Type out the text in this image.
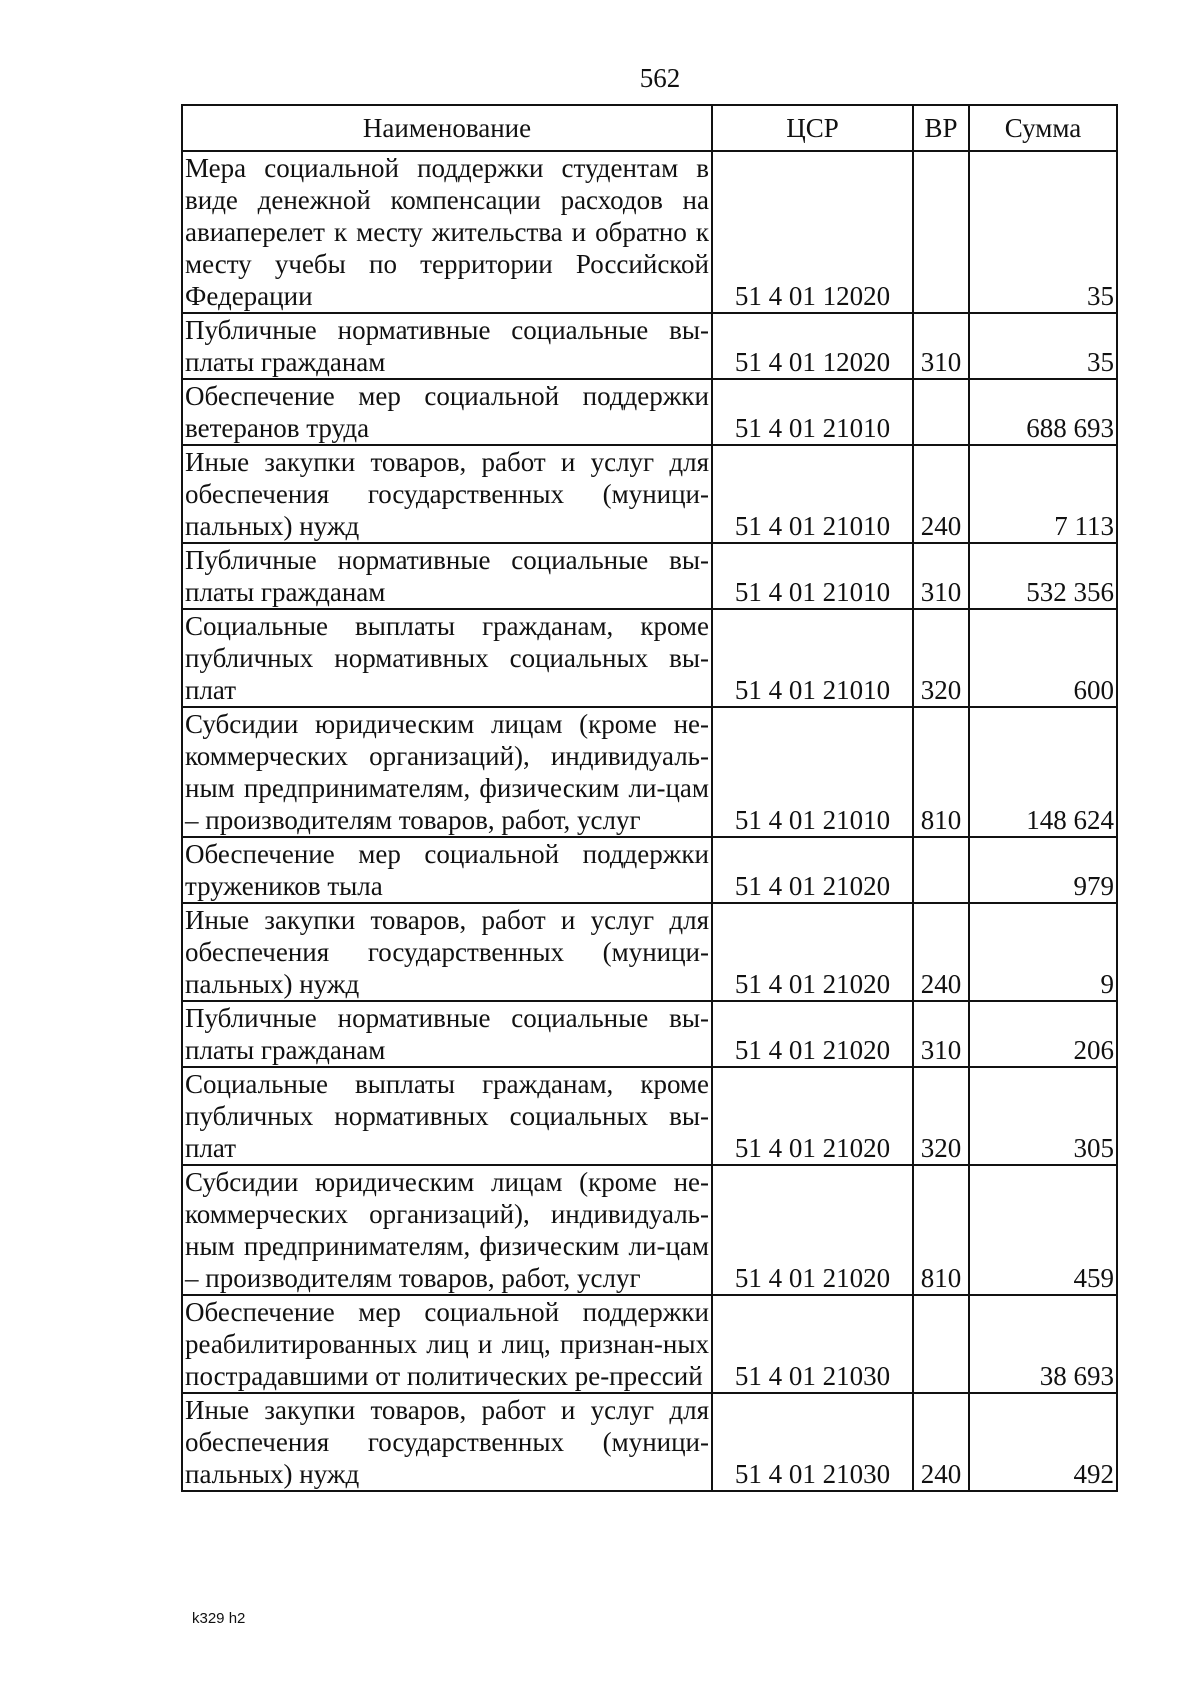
562
Наименование	ЦСР	ВР	Сумма
Мера социальной поддержки студентам в виде денежной компенсации расходов на авиаперелет к месту жительства и обратно к месту учебы по территории Российской Федерации	51 4 01 12020		35
Публичные нормативные социальные вы-платы гражданам	51 4 01 12020	310	35
Обеспечение мер социальной поддержки ветеранов труда	51 4 01 21010		688 693
Иные закупки товаров, работ и услуг для обеспечения государственных (муници-пальных) нужд	51 4 01 21010	240	7 113
Публичные нормативные социальные вы-платы гражданам	51 4 01 21010	310	532 356
Социальные выплаты гражданам, кроме публичных нормативных социальных вы-плат	51 4 01 21010	320	600
Субсидии юридическим лицам (кроме не-коммерческих организаций), индивидуаль-ным предпринимателям, физическим ли-цам – производителям товаров, работ, услуг	51 4 01 21010	810	148 624
Обеспечение мер социальной поддержки тружеников тыла	51 4 01 21020		979
Иные закупки товаров, работ и услуг для обеспечения государственных (муници-пальных) нужд	51 4 01 21020	240	9
Публичные нормативные социальные вы-платы гражданам	51 4 01 21020	310	206
Социальные выплаты гражданам, кроме публичных нормативных социальных вы-плат	51 4 01 21020	320	305
Субсидии юридическим лицам (кроме не-коммерческих организаций), индивидуаль-ным предпринимателям, физическим ли-цам – производителям товаров, работ, услуг	51 4 01 21020	810	459
Обеспечение мер социальной поддержки реабилитированных лиц и лиц, признан-ных пострадавшими от политических ре-прессий	51 4 01 21030		38 693
Иные закупки товаров, работ и услуг для обеспечения государственных (муници-пальных) нужд	51 4 01 21030	240	492
k329 h2
